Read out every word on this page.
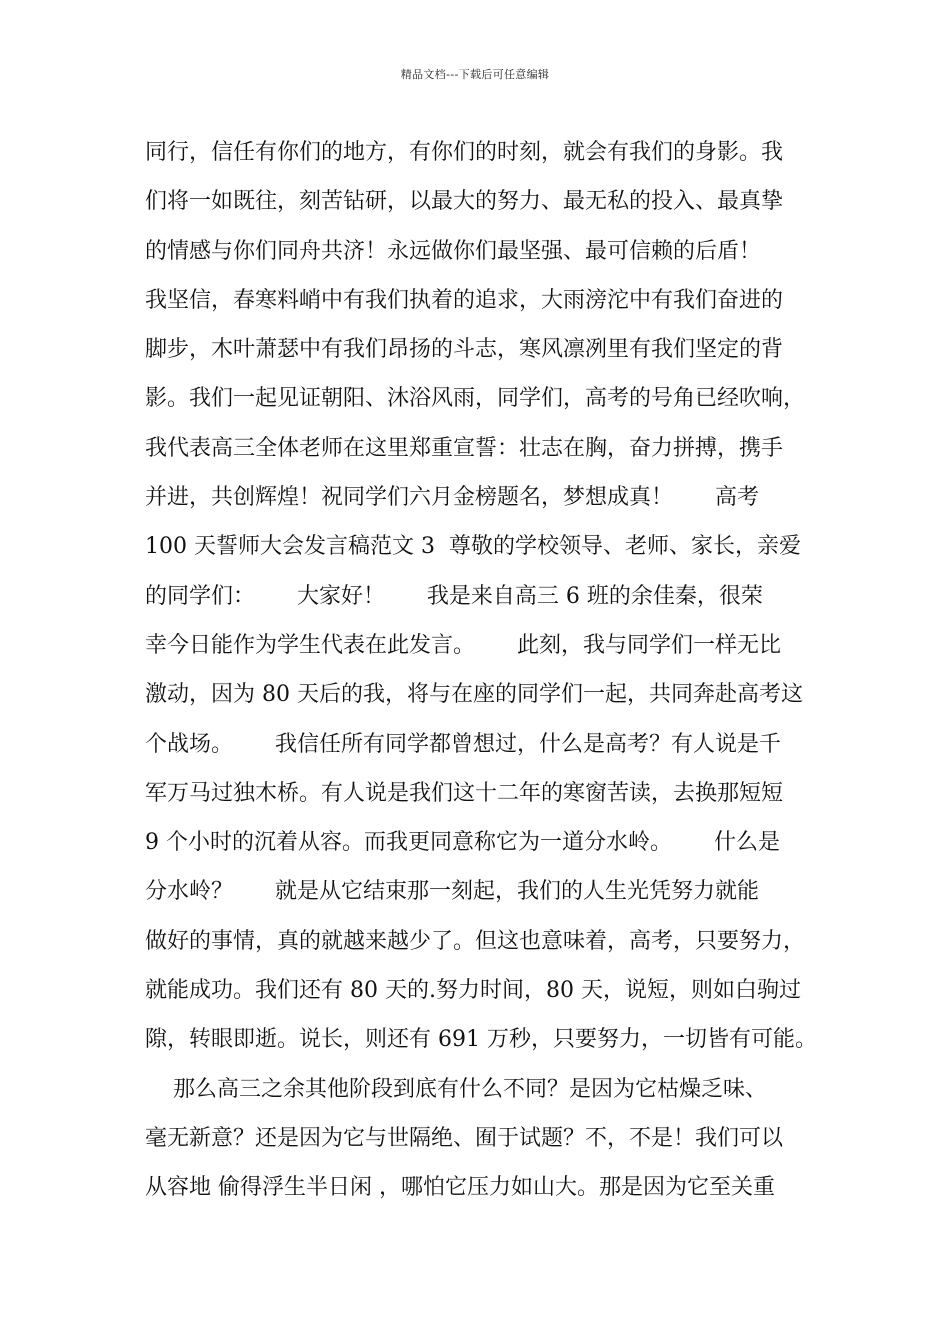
精品文档---下载后可任意编辑
同行，信任有你们的地方，有你们的时刻，就会有我们的身影。我
们将一如既往，刻苦钻研，以最大的努力、最无私的投入、最真挚
的情感与你们同舟共济！永远做你们最坚强、最可信赖的后盾！
我坚信，春寒料峭中有我们执着的追求，大雨滂沱中有我们奋进的
脚步，木叶萧瑟中有我们昂扬的斗志，寒风凛冽里有我们坚定的背
影。我们一起见证朝阳、沐浴风雨，同学们，高考的号角已经吹响，
我代表高三全体老师在这里郑重宣誓：壮志在胸，奋力拼搏，携手
并进，共创辉煌！祝同学们六月金榜题名，梦想成真！      高考
100 天誓师大会发言稿范文 3  尊敬的学校领导、老师、家长，亲爱
的同学们：      大家好！      我是来自高三 6 班的余佳秦，很荣
幸今日能作为学生代表在此发言。      此刻，我与同学们一样无比
激动，因为 80 天后的我，将与在座的同学们一起，共同奔赴高考这
个战场。      我信任所有同学都曾想过，什么是高考？有人说是千
军万马过独木桥。有人说是我们这十二年的寒窗苦读，去换那短短
9 个小时的沉着从容。而我更同意称它为一道分水岭。      什么是
分水岭？      就是从它结束那一刻起，我们的人生光凭努力就能
做好的事情，真的就越来越少了。但这也意味着，高考，只要努力，
就能成功。我们还有 80 天的.努力时间，80 天，说短，则如白驹过
隙，转眼即逝。说长，则还有 691 万秒，只要努力，一切皆有可能。
那么高三之余其他阶段到底有什么不同？是因为它枯燥乏味、
毫无新意？还是因为它与世隔绝、囿于试题？不，不是！我们可以
从容地 偷得浮生半日闲 ，哪怕它压力如山大。那是因为它至关重
